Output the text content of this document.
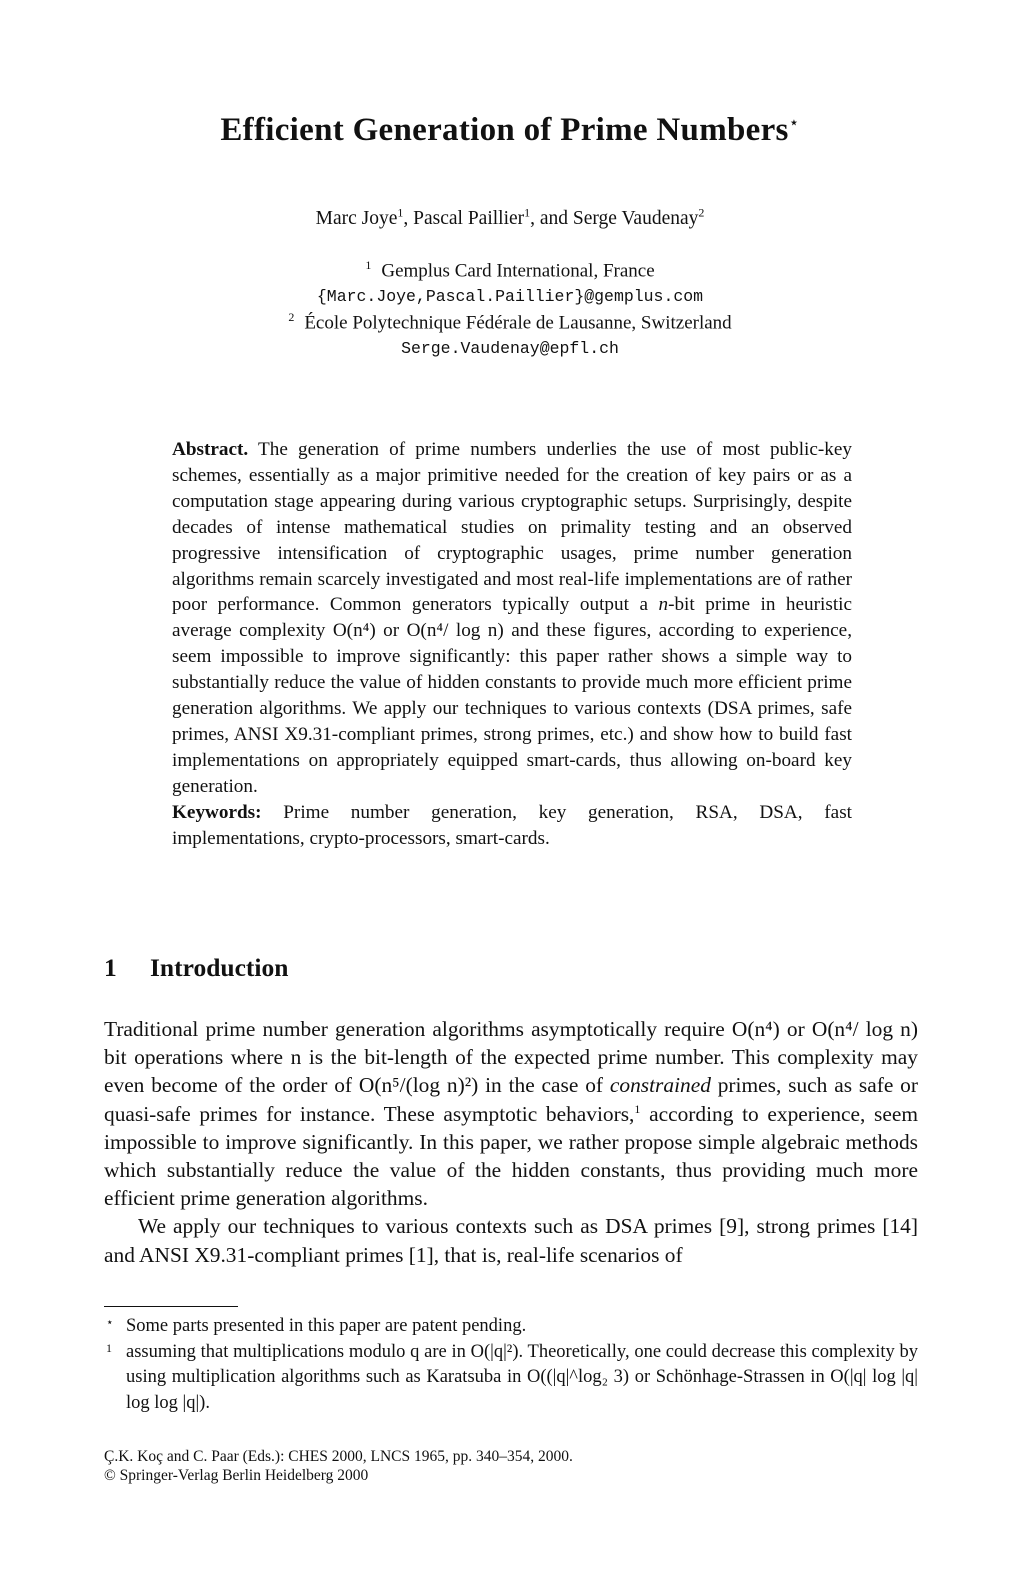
Efficient Generation of Prime Numbers⋆
Marc Joye$^1$, Pascal Paillier$^1$, and Serge Vaudenay$^2$
$^1$ Gemplus Card International, France
{Marc.Joye,Pascal.Paillier}@gemplus.com
$^2$ École Polytechnique Fédérale de Lausanne, Switzerland
Serge.Vaudenay@epfl.ch

Abstract. The generation of prime numbers underlies the use of most public-key schemes, essentially as a major primitive needed for the creation of key pairs or as a computation stage appearing during various cryptographic setups. Surprisingly, despite decades of intense mathematical studies on primality testing and an observed progressive intensification of cryptographic usages, prime number generation algorithms remain scarcely investigated and most real-life implementations are of rather poor performance. Common generators typically output a n-bit prime in heuristic average complexity O(n⁴) or O(n⁴/ log n) and these figures, according to experience, seem impossible to improve significantly: this paper rather shows a simple way to substantially reduce the value of hidden constants to provide much more efficient prime generation algorithms. We apply our techniques to various contexts (DSA primes, safe primes, ANSI X9.31-compliant primes, strong primes, etc.) and show how to build fast implementations on appropriately equipped smart-cards, thus allowing on-board key generation.

Keywords: Prime number generation, key generation, RSA, DSA, fast implementations, crypto-processors, smart-cards.

1 Introduction

Traditional prime number generation algorithms asymptotically require O(n⁴) or O(n⁴/ log n) bit operations where n is the bit-length of the expected prime number. This complexity may even become of the order of O(n⁵/(log n)²) in the case of constrained primes, such as safe or quasi-safe primes for instance. These asymptotic behaviors,$^1$ according to experience, seem impossible to improve significantly. In this paper, we rather propose simple algebraic methods which substantially reduce the value of the hidden constants, thus providing much more efficient prime generation algorithms.

We apply our techniques to various contexts such as DSA primes [9], strong primes [14] and ANSI X9.31-compliant primes [1], that is, real-life scenarios of

⋆ Some parts presented in this paper are patent pending.
1 assuming that multiplications modulo q are in O(|q|²). Theoretically, one could decrease this complexity by using multiplication algorithms such as Karatsuba in O((|q|^log₂ 3) or Schönhage-Strassen in O(|q| log |q| log log |q|).
Ç.K. Koç and C. Paar (Eds.): CHES 2000, LNCS 1965, pp. 340–354, 2000.
© Springer-Verlag Berlin Heidelberg 2000
